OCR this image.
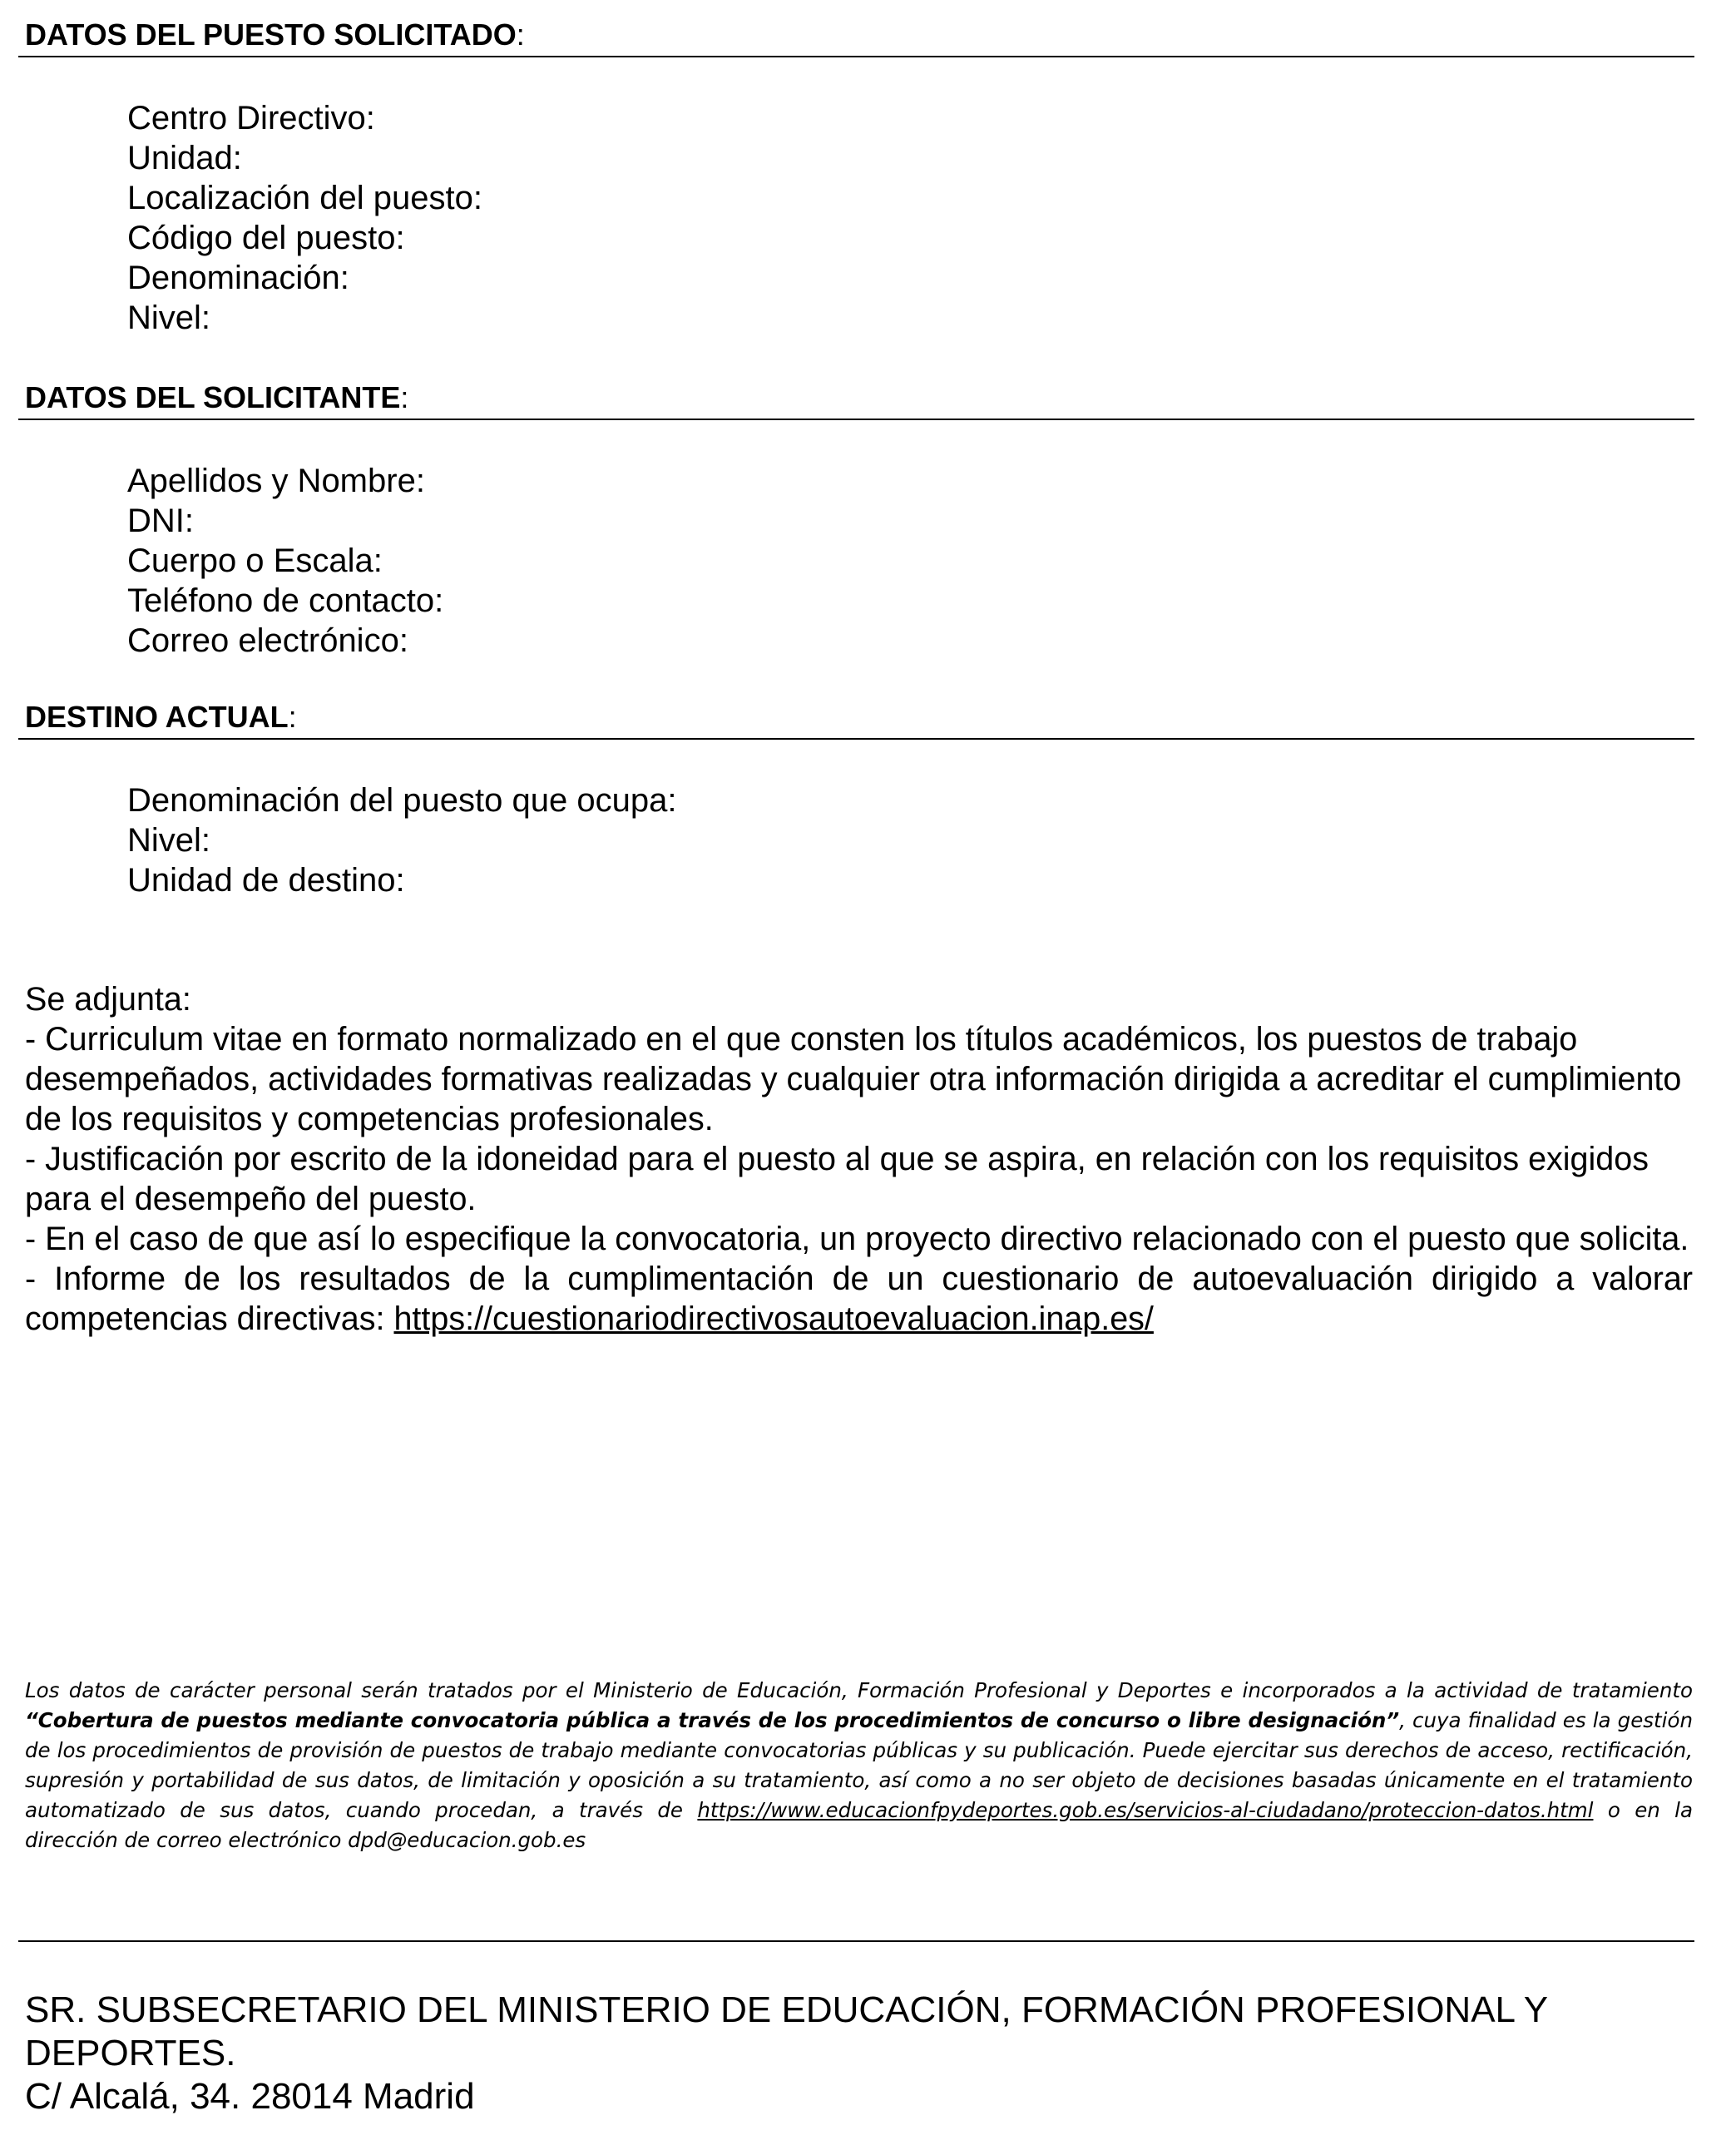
DATOS DEL PUESTO SOLICITADO:
Centro Directivo:
Unidad:
Localización del puesto:
Código del puesto:
Denominación:
Nivel:
DATOS DEL SOLICITANTE:
Apellidos y Nombre:
DNI:
Cuerpo o Escala:
Teléfono de contacto:
Correo electrónico:
DESTINO ACTUAL:
Denominación del puesto que ocupa:
Nivel:
Unidad de destino:

Se adjunta:

- Curriculum vitae en formato normalizado en el que consten los títulos académicos, los puestos de trabajo desempeñados, actividades formativas realizadas y cualquier otra información dirigida a acreditar el cumplimiento de los requisitos y competencias profesionales.

- Justificación por escrito de la idoneidad para el puesto al que se aspira, en relación con los requisitos exigidos para el desempeño del puesto.

- En el caso de que así lo especifique la convocatoria, un proyecto directivo relacionado con el puesto que solicita.

- Informe de los resultados de la cumplimentación de un cuestionario de autoevaluación dirigido a valorar competencias directivas: https://cuestionariodirectivosautoevaluacion.inap.es/

Los datos de carácter personal serán tratados por el Ministerio de Educación, Formación Profesional y Deportes e incorporados a la actividad de tratamiento “Cobertura de puestos mediante convocatoria pública a través de los procedimientos de concurso o libre designación”, cuya finalidad es la gestión de los procedimientos de provisión de puestos de trabajo mediante convocatorias públicas y su publicación. Puede ejercitar sus derechos de acceso, rectificación, supresión y portabilidad de sus datos, de limitación y oposición a su tratamiento, así como a no ser objeto de decisiones basadas únicamente en el tratamiento automatizado de sus datos, cuando procedan, a través de https://www.educacionfpydeportes.gob.es/servicios-al-ciudadano/proteccion-datos.html o en la dirección de correo electrónico dpd@educacion.gob.es
SR. SUBSECRETARIO DEL MINISTERIO DE EDUCACIÓN, FORMACIÓN PROFESIONAL Y DEPORTES.
C/ Alcalá, 34. 28014 Madrid
